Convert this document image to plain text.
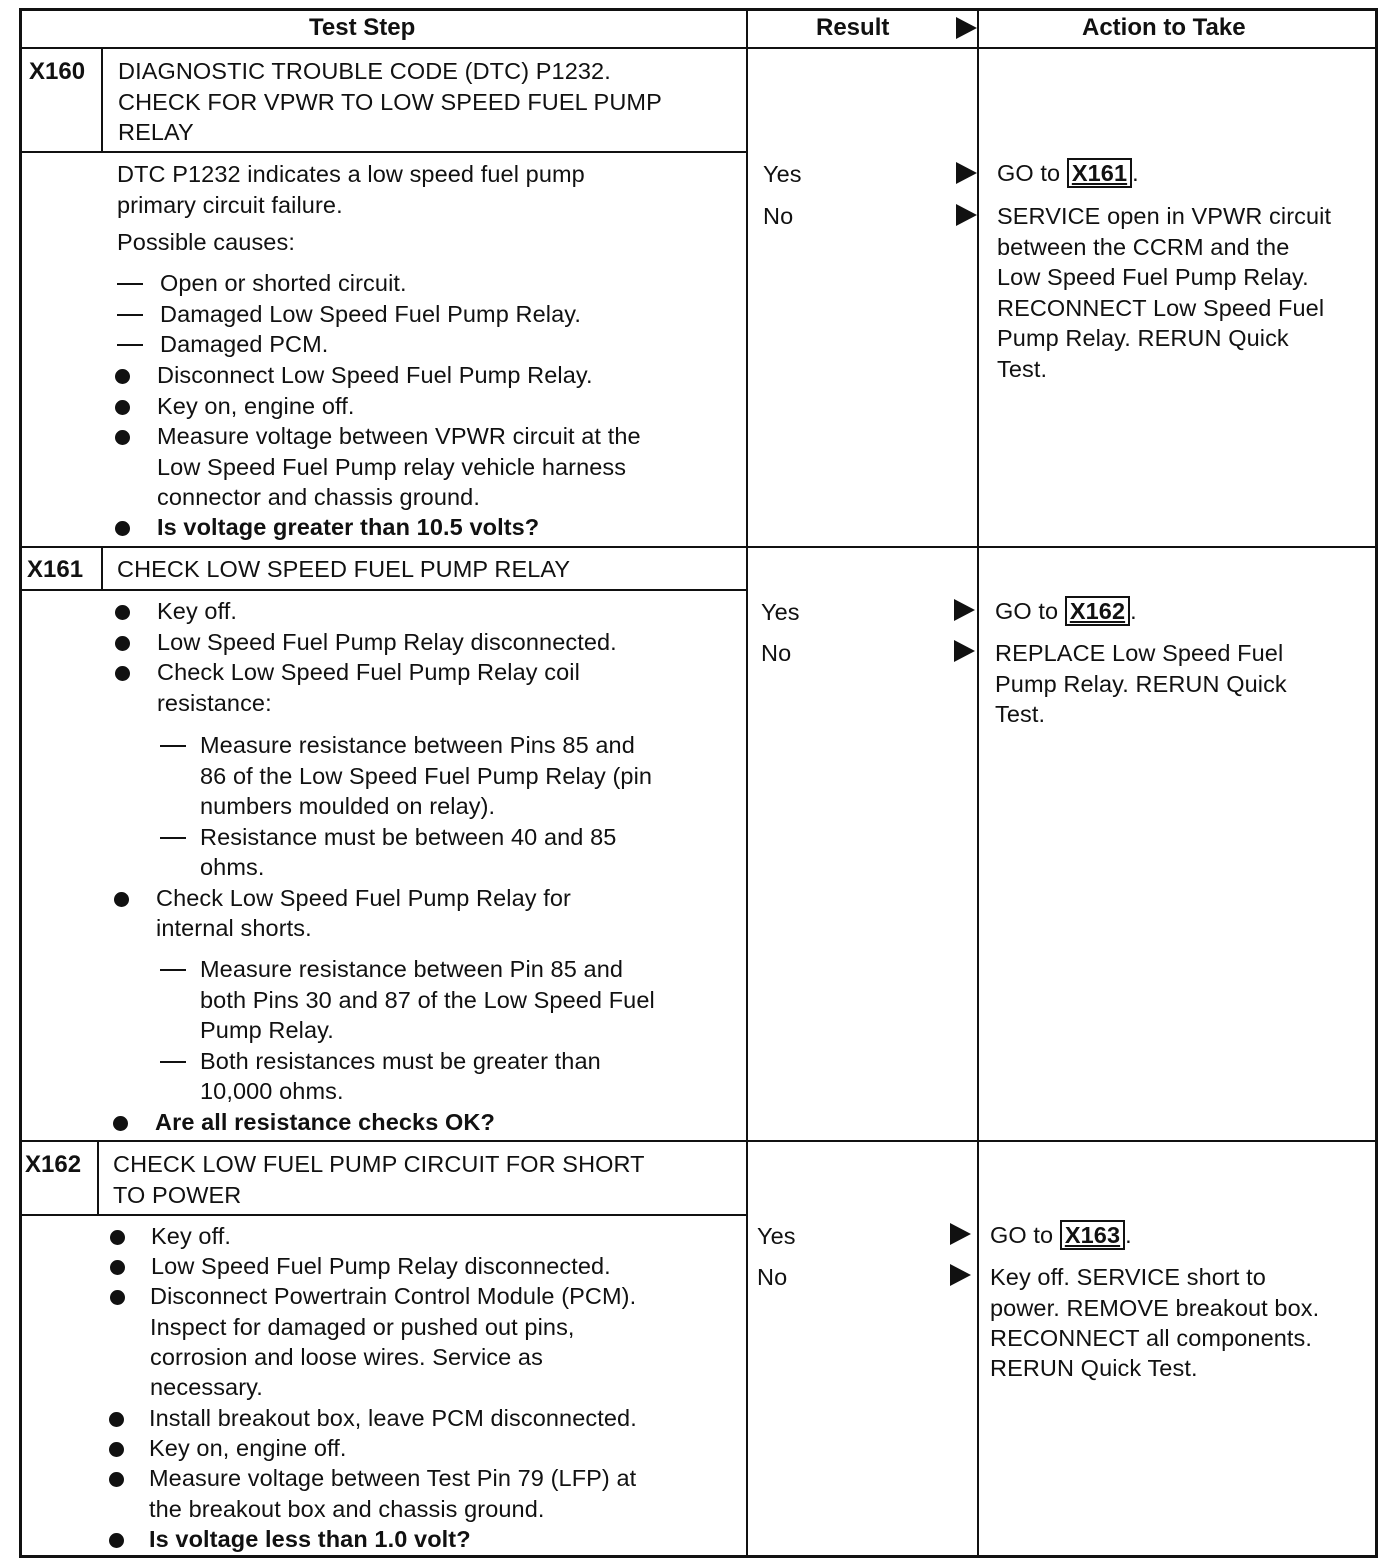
Test Step	Result	Action to Take
X160 DIAGNOSTIC TROUBLE CODE (DTC) P1232.
CHECK FOR VPWR TO LOW SPEED FUEL PUMP
RELAY
DTC P1232 indicates a low speed fuel pump
primary circuit failure.
Possible causes:
Open or shorted circuit.
Damaged Low Speed Fuel Pump Relay.
Damaged PCM.
Disconnect Low Speed Fuel Pump Relay.
Key on, engine off.
Measure voltage between VPWR circuit at the
Low Speed Fuel Pump relay vehicle harness
connector and chassis ground.
Is voltage greater than 10.5 volts?
Yes
No
GO to X161 .
SERVICE open in VPWR circuit
between the CCRM and the
Low Speed Fuel Pump Relay.
RECONNECT Low Speed Fuel
Pump Relay. RERUN Quick
Test.
X161 CHECK LOW SPEED FUEL PUMP RELAY
Key off.
Low Speed Fuel Pump Relay disconnected.
Check Low Speed Fuel Pump Relay coil
resistance:
Measure resistance between Pins 85 and
86 of the Low Speed Fuel Pump Relay (pin
numbers moulded on relay).
Resistance must be between 40 and 85
ohms.
Check Low Speed Fuel Pump Relay for
internal shorts.
Measure resistance between Pin 85 and
both Pins 30 and 87 of the Low Speed Fuel
Pump Relay.
Both resistances must be greater than
10,000 ohms.
Are all resistance checks OK?
Yes
No
GO to X162 .
REPLACE Low Speed Fuel
Pump Relay. RERUN Quick
Test.
X162 CHECK LOW FUEL PUMP CIRCUIT FOR SHORT
TO POWER
Key off.
Low Speed Fuel Pump Relay disconnected.
Disconnect Powertrain Control Module (PCM).
Inspect for damaged or pushed out pins,
corrosion and loose wires. Service as
necessary.
Install breakout box, leave PCM disconnected.
Key on, engine off.
Measure voltage between Test Pin 79 (LFP) at
the breakout box and chassis ground.
Is voltage less than 1.0 volt?
Yes
No
GO to X163 .
Key off. SERVICE short to
power. REMOVE breakout box.
RECONNECT all components.
RERUN Quick Test.
